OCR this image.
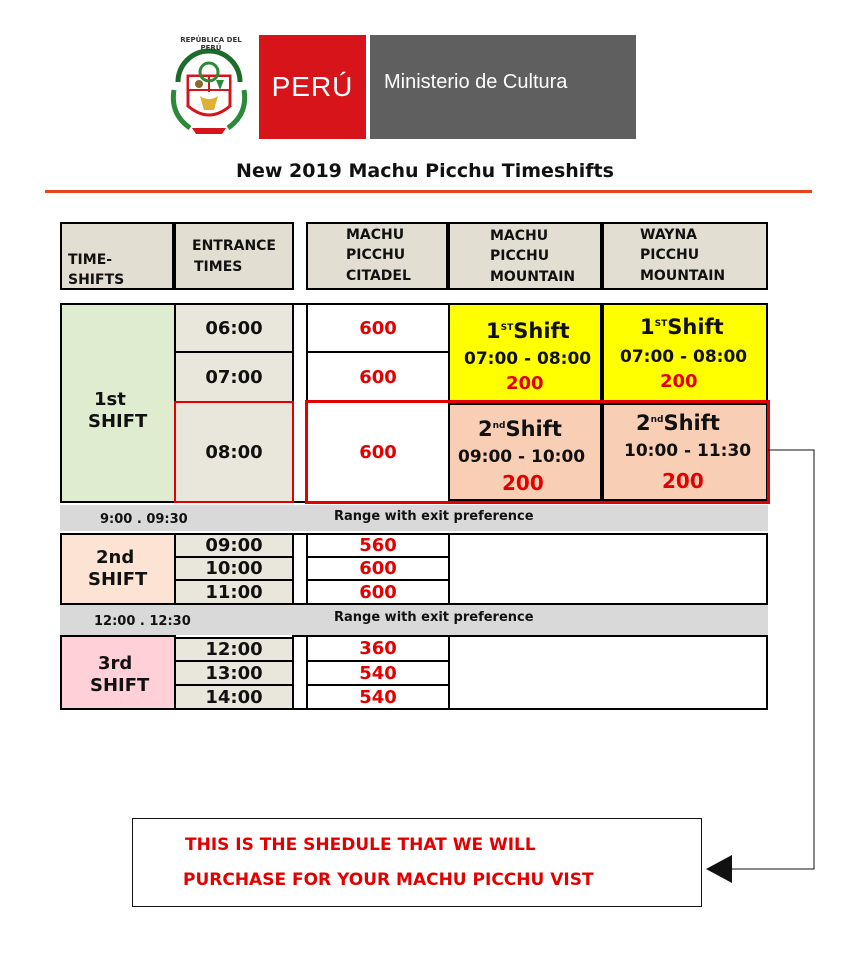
REPÚBLICA DEL PERÚ
PERÚ Ministerio de Cultura
New 2019 Machu Picchu Timeshifts
TIME- SHIFTS
ENTRANCE
TIMES
MACHU
PICCHU
CITADEL
MACHU
PICCHU
MOUNTAIN
WAYNA
PICCHU
MOUNTAIN
1st
SHIFT
06:00
07:00
08:00
600
600
600
1STShift
07:00 - 08:00
200
1STShift
07:00 - 08:00
200
2ndShift
09:00 - 10:00
200
2ndShift
10:00 - 11:30
200
9:00 . 09:30	Range with exit preference
2nd
SHIFT
09:00
10:00
11:00
560
600
600
12:00 . 12:30	Range with exit preference
3rd
SHIFT
12:00
13:00
14:00
360
540
540
THIS IS THE SHEDULE THAT WE WILL
PURCHASE FOR YOUR MACHU PICCHU VIST
